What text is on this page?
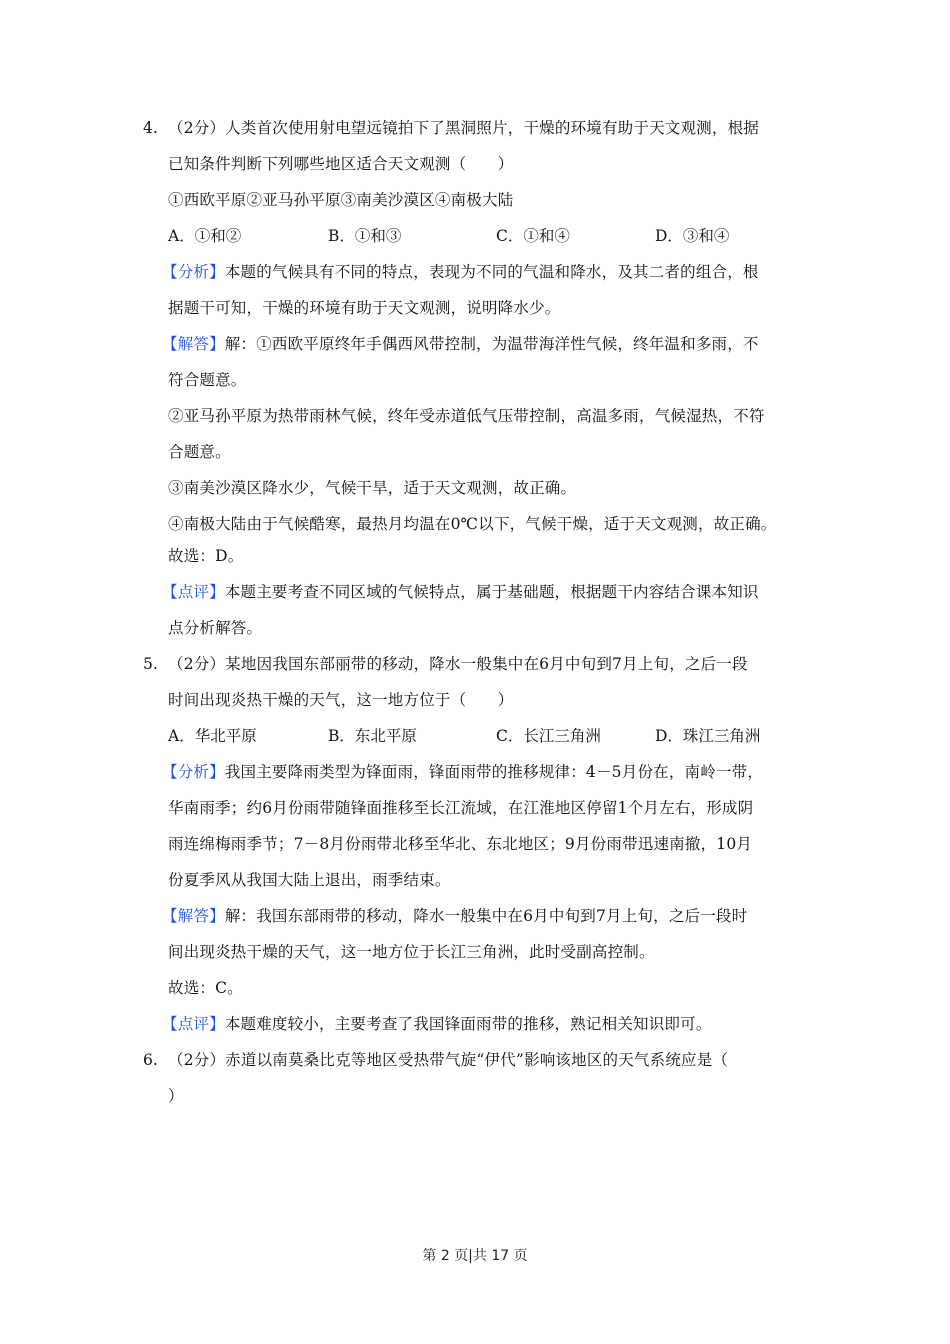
4. （2分）人类首次使用射电望远镜拍下了黑洞照片，干燥的环境有助于天文观测，根据
已知条件判断下列哪些地区适合天文观测（　　）
①西欧平原②亚马孙平原③南美沙漠区④南极大陆
A．①和②	B．①和③	C．①和④	D．③和④
【分析】本题的气候具有不同的特点，表现为不同的气温和降水，及其二者的组合，根
据题干可知，干燥的环境有助于天文观测，说明降水少。
【解答】解：①西欧平原终年手偶西风带控制，为温带海洋性气候，终年温和多雨，不
符合题意。
②亚马孙平原为热带雨林气候，终年受赤道低气压带控制，高温多雨，气候湿热，不符
合题意。
③南美沙漠区降水少，气候干旱，适于天文观测，故正确。
④南极大陆由于气候酷寒，最热月均温在0℃以下，气候干燥，适于天文观测，故正确。
故选：D。
【点评】本题主要考查不同区域的气候特点，属于基础题，根据题干内容结合课本知识
点分析解答。
5. （2分）某地因我国东部丽带的移动，降水一般集中在6月中旬到7月上旬，之后一段
时间出现炎热干燥的天气，这一地方位于（　　）
A．华北平原	B．东北平原	C．长江三角洲	D．珠江三角洲
【分析】我国主要降雨类型为锋面雨，锋面雨带的推移规律：4－5月份在，南岭一带，
华南雨季；约6月份雨带随锋面推移至长江流域，在江淮地区停留1个月左右，形成阴
雨连绵梅雨季节；7－8月份雨带北移至华北、东北地区；9月份雨带迅速南撤，10月
份夏季风从我国大陆上退出，雨季结束。
【解答】解：我国东部雨带的移动，降水一般集中在6月中旬到7月上旬，之后一段时
间出现炎热干燥的天气，这一地方位于长江三角洲，此时受副高控制。
故选：C。
【点评】本题难度较小，主要考查了我国锋面雨带的推移，熟记相关知识即可。
6. （2分）赤道以南莫桑比克等地区受热带气旋“伊代”影响该地区的天气系统应是（
）
第 2 页|共 17 页
